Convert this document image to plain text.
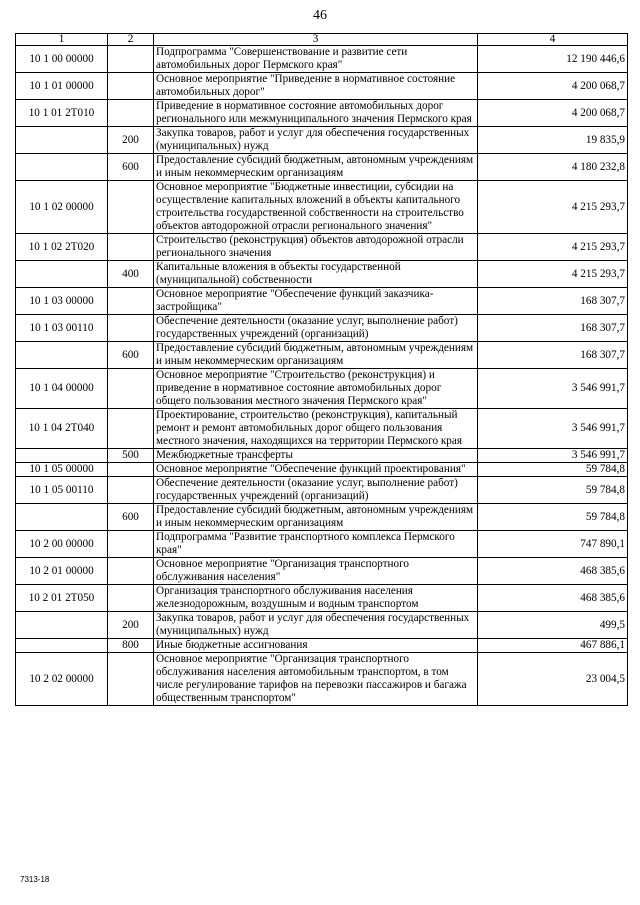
46
1	2	3	4
10 1 00 00000		Подпрограмма "Совершенствование и развитие сети автомобильных дорог Пермского края"	12 190 446,6
10 1 01 00000		Основное мероприятие "Приведение в нормативное состояние автомобильных дорог"	4 200 068,7
10 1 01 2Т010		Приведение в нормативное состояние автомобильных дорог регионального или межмуниципального значения Пермского края	4 200 068,7
	200	Закупка товаров, работ и услуг для обеспечения государственных (муниципальных) нужд	19 835,9
	600	Предоставление субсидий бюджетным, автономным учреждениям и иным некоммерческим организациям	4 180 232,8
10 1 02 00000		Основное мероприятие "Бюджетные инвестиции, субсидии на осуществление капитальных вложений в объекты капитального строительства государственной собственности на строительство объектов автодорожной отрасли регионального значения"	4 215 293,7
10 1 02 2Т020		Строительство (реконструкция) объектов автодорожной отрасли регионального значения	4 215 293,7
	400	Капитальные вложения в объекты государственной (муниципальной) собственности	4 215 293,7
10 1 03 00000		Основное мероприятие "Обеспечение функций заказчика-застройщика"	168 307,7
10 1 03 00110		Обеспечение деятельности (оказание услуг, выполнение работ) государственных учреждений (организаций)	168 307,7
	600	Предоставление субсидий бюджетным, автономным учреждениям и иным некоммерческим организациям	168 307,7
10 1 04 00000		Основное мероприятие "Строительство (реконструкция) и приведение в нормативное состояние автомобильных дорог общего пользования местного значения Пермского края"	3 546 991,7
10 1 04 2Т040		Проектирование, строительство (реконструкция), капитальный ремонт и ремонт автомобильных дорог общего пользования местного значения, находящихся на территории Пермского края	3 546 991,7
	500	Межбюджетные трансферты	3 546 991,7
10 1 05 00000		Основное мероприятие "Обеспечение функций проектирования"	59 784,8
10 1 05 00110		Обеспечение деятельности (оказание услуг, выполнение работ) государственных учреждений (организаций)	59 784,8
	600	Предоставление субсидий бюджетным, автономным учреждениям и иным некоммерческим организациям	59 784,8
10 2 00 00000		Подпрограмма "Развитие транспортного комплекса Пермского края"	747 890,1
10 2 01 00000		Основное мероприятие "Организация транспортного обслуживания населения"	468 385,6
10 2 01 2Т050		Организация транспортного обслуживания населения железнодорожным, воздушным и водным транспортом	468 385,6
	200	Закупка товаров, работ и услуг для обеспечения государственных (муниципальных) нужд	499,5
	800	Иные бюджетные ассигнования	467 886,1
10 2 02 00000		Основное мероприятие "Организация транспортного обслуживания населения автомобильным транспортом, в том числе регулирование тарифов на перевозки пассажиров и багажа общественным транспортом"	23 004,5
7313-18
